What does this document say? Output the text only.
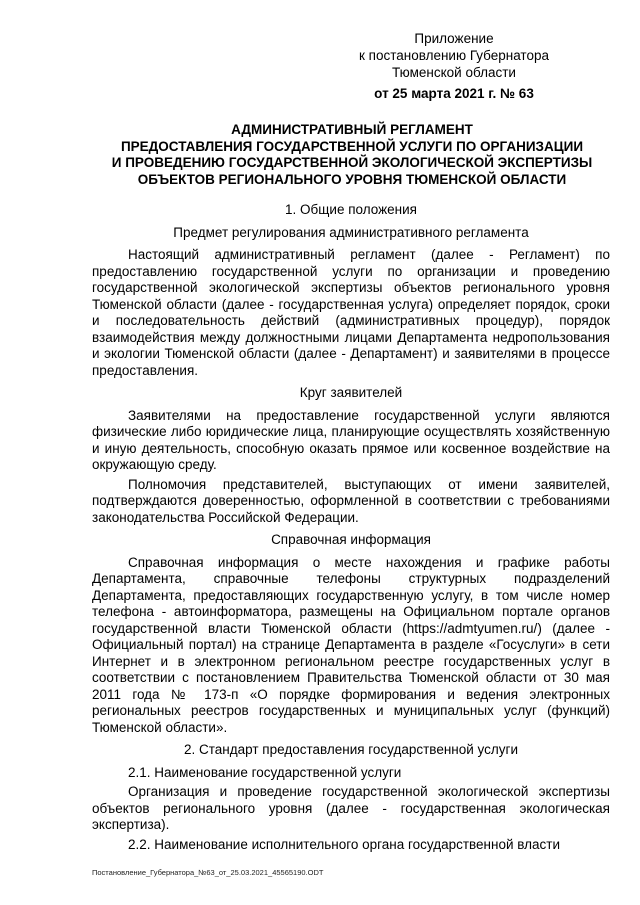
Приложение
к постановлению Губернатора
Тюменской области
от 25 марта 2021 г. № 63
АДМИНИСТРАТИВНЫЙ РЕГЛАМЕНТ
ПРЕДОСТАВЛЕНИЯ ГОСУДАРСТВЕННОЙ УСЛУГИ ПО ОРГАНИЗАЦИИ
И ПРОВЕДЕНИЮ ГОСУДАРСТВЕННОЙ ЭКОЛОГИЧЕСКОЙ ЭКСПЕРТИЗЫ
ОБЪЕКТОВ РЕГИОНАЛЬНОГО УРОВНЯ ТЮМЕНСКОЙ ОБЛАСТИ
1. Общие положения
Предмет регулирования административного регламента

Настоящий административный регламент (далее - Регламент) по предоставлению государственной услуги по организации и проведению государственной экологической экспертизы объектов регионального уровня Тюменской области (далее - государственная услуга) определяет порядок, сроки и последовательность действий (административных процедур), порядок взаимодействия между должностными лицами Департамента недропользования и экологии Тюменской области (далее - Департамент) и заявителями в процессе предоставления.

Круг заявителей

Заявителями на предоставление государственной услуги являются физические либо юридические лица, планирующие осуществлять хозяйственную и иную деятельность, способную оказать прямое или косвенное воздействие на окружающую среду.

Полномочия представителей, выступающих от имени заявителей, подтверждаются доверенностью, оформленной в соответствии с требованиями законодательства Российской Федерации.

Справочная информация

Справочная информация о месте нахождения и графике работы Департамента, справочные телефоны структурных подразделений Департамента, предоставляющих государственную услугу, в том числе номер телефона - автоинформатора, размещены на Официальном портале органов государственной власти Тюменской области (https://admtyumen.ru/) (далее - Официальный портал) на странице Департамента в разделе «Госуслуги» в сети Интернет и в электронном региональном реестре государственных услуг в соответствии с постановлением Правительства Тюменской области от 30 мая 2011 года № 173-п «О порядке формирования и ведения электронных региональных реестров государственных и муниципальных услуг (функций) Тюменской области».

2. Стандарт предоставления государственной услуги

2.1. Наименование государственной услуги

Организация и проведение государственной экологической экспертизы объектов регионального уровня (далее - государственная экологическая экспертиза).

2.2. Наименование исполнительного органа государственной власти

Постановление_Губернатора_№63_от_25.03.2021_45565190.ODT
